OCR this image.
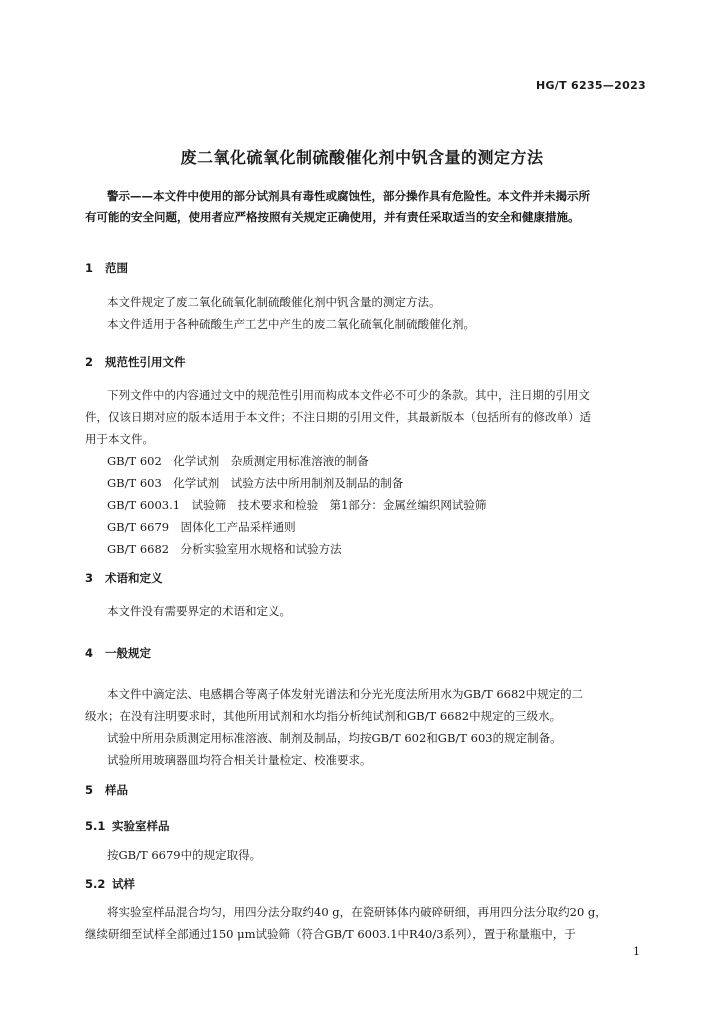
HG/T 6235—2023
废二氧化硫氧化制硫酸催化剂中钒含量的测定方法

警示——本文件中使用的部分试剂具有毒性或腐蚀性，部分操作具有危险性。本文件并未揭示所

有可能的安全问题，使用者应严格按照有关规定正确使用，并有责任采取适当的安全和健康措施。

1 范围

本文件规定了废二氧化硫氧化制硫酸催化剂中钒含量的测定方法。

本文件适用于各种硫酸生产工艺中产生的废二氧化硫氧化制硫酸催化剂。

2 规范性引用文件

下列文件中的内容通过文中的规范性引用而构成本文件必不可少的条款。其中，注日期的引用文

件，仅该日期对应的版本适用于本文件；不注日期的引用文件，其最新版本（包括所有的修改单）适

用于本文件。

GB/T 602　化学试剂　杂质测定用标准溶液的制备

GB/T 603　化学试剂　试验方法中所用制剂及制品的制备

GB/T 6003.1　试验筛　技术要求和检验　第1部分：金属丝编织网试验筛

GB/T 6679　固体化工产品采样通则

GB/T 6682　分析实验室用水规格和试验方法

3 术语和定义

本文件没有需要界定的术语和定义。

4 一般规定

本文件中滴定法、电感耦合等离子体发射光谱法和分光光度法所用水为GB/T 6682中规定的二

级水；在没有注明要求时，其他所用试剂和水均指分析纯试剂和GB/T 6682中规定的三级水。

试验中所用杂质测定用标准溶液、制剂及制品，均按GB/T 602和GB/T 603的规定制备。

试验所用玻璃器皿均符合相关计量检定、校准要求。

5 样品
5.1 实验室样品

按GB/T 6679中的规定取得。

5.2 试样

将实验室样品混合均匀，用四分法分取约40 g，在瓷研钵体内破碎研细，再用四分法分取约20 g，

继续研细至试样全部通过150 μm试验筛（符合GB/T 6003.1中R40/3系列），置于称量瓶中，于

1
